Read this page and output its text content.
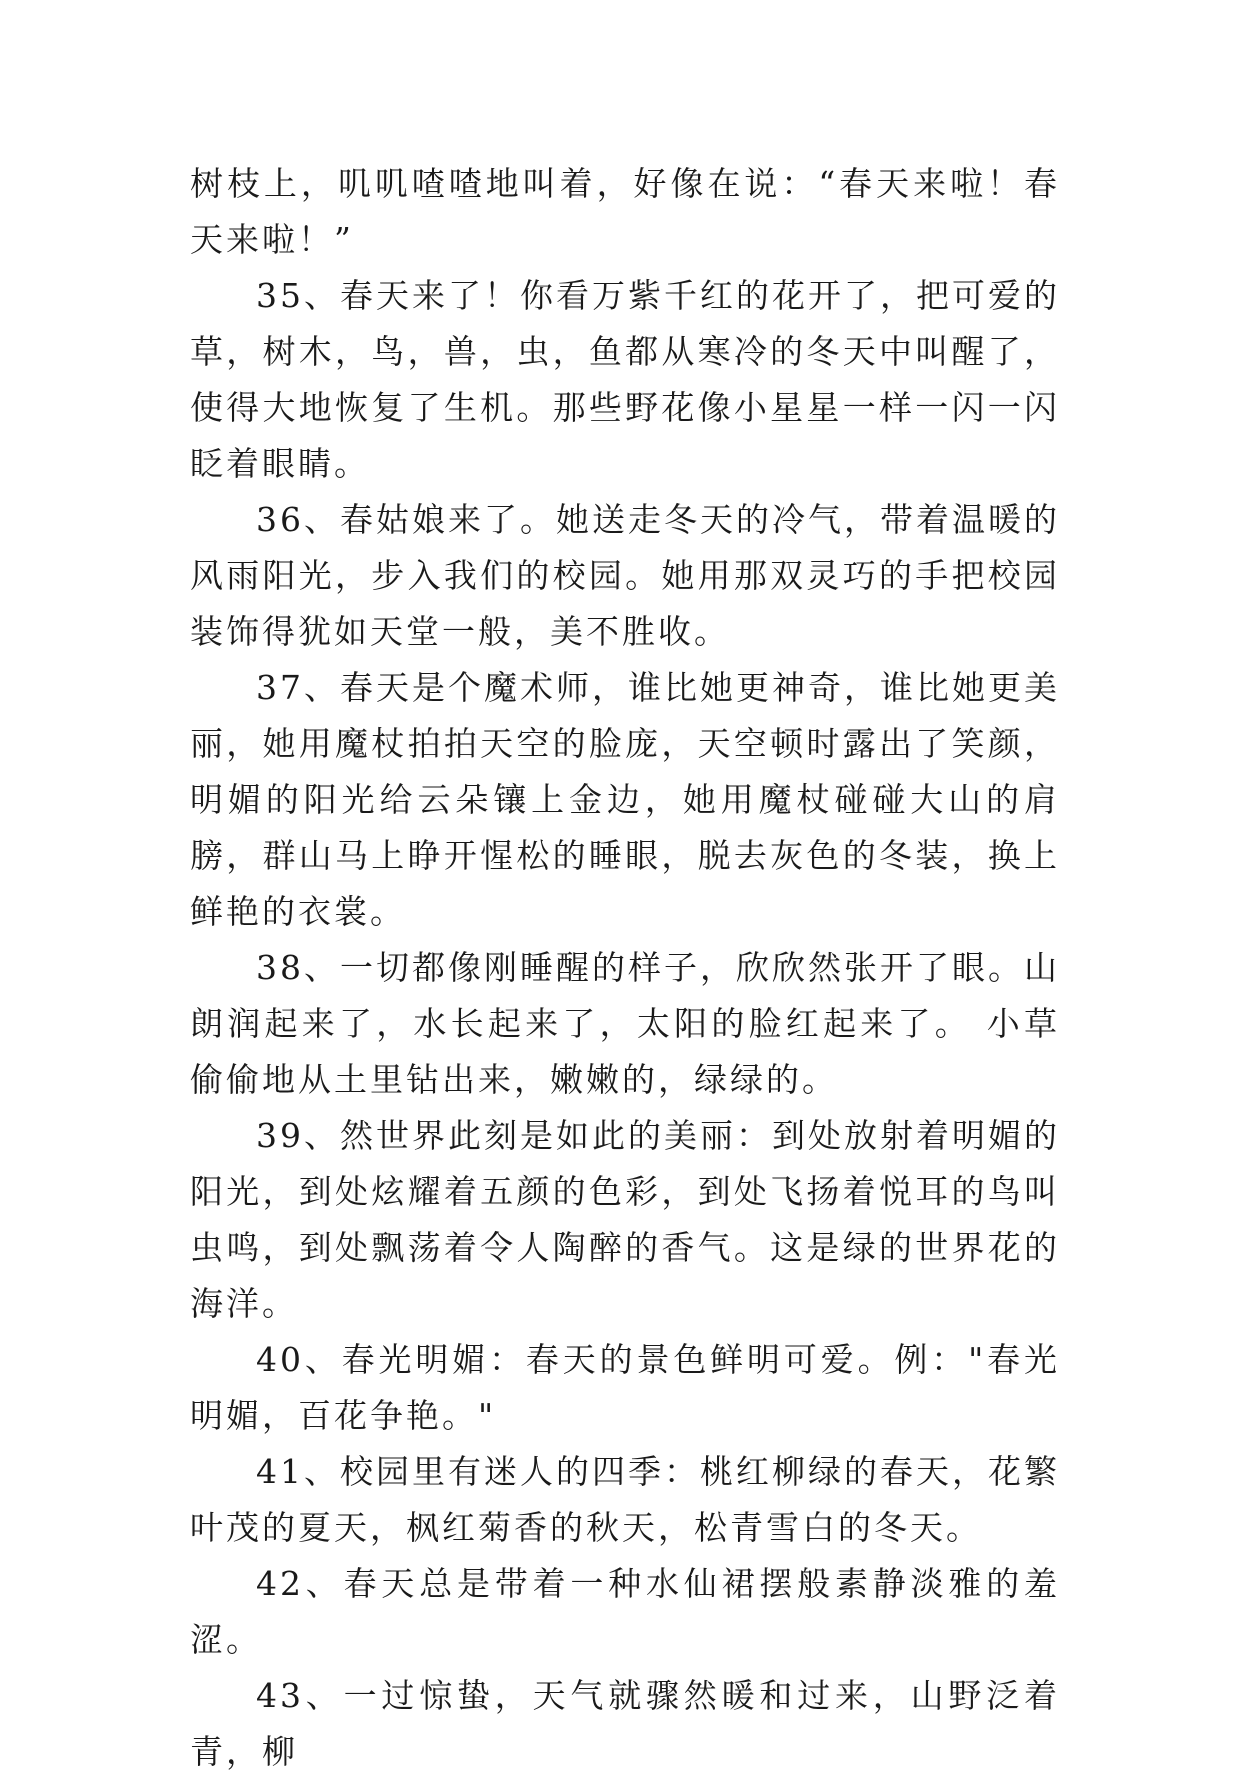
树枝上，叽叽喳喳地叫着，好像在说：“春天来啦！春天来啦！”

35、春天来了！你看万紫千红的花开了，把可爱的草，树木，鸟，兽，虫，鱼都从寒冷的冬天中叫醒了，使得大地恢复了生机。那些野花像小星星一样一闪一闪眨着眼睛。

36、春姑娘来了。她送走冬天的冷气，带着温暖的风雨阳光，步入我们的校园。她用那双灵巧的手把校园装饰得犹如天堂一般，美不胜收。

37、春天是个魔术师，谁比她更神奇，谁比她更美丽，她用魔杖拍拍天空的脸庞，天空顿时露出了笑颜，明媚的阳光给云朵镶上金边，她用魔杖碰碰大山的肩膀，群山马上睁开惺松的睡眼，脱去灰色的冬装，换上鲜艳的衣裳。

38、一切都像刚睡醒的样子，欣欣然张开了眼。山朗润起来了，水长起来了，太阳的脸红起来了。 小草偷偷地从土里钻出来，嫩嫩的，绿绿的。

39、然世界此刻是如此的美丽：到处放射着明媚的阳光，到处炫耀着五颜的色彩，到处飞扬着悦耳的鸟叫虫鸣，到处飘荡着令人陶醉的香气。这是绿的世界花的海洋。

40、春光明媚：春天的景色鲜明可爱。例："春光明媚，百花争艳。"

41、校园里有迷人的四季：桃红柳绿的春天，花繁叶茂的夏天，枫红菊香的秋天，松青雪白的冬天。

42、春天总是带着一种水仙裙摆般素静淡雅的羞涩。

43、一过惊蛰，天气就骤然暖和过来，山野泛着青，柳
